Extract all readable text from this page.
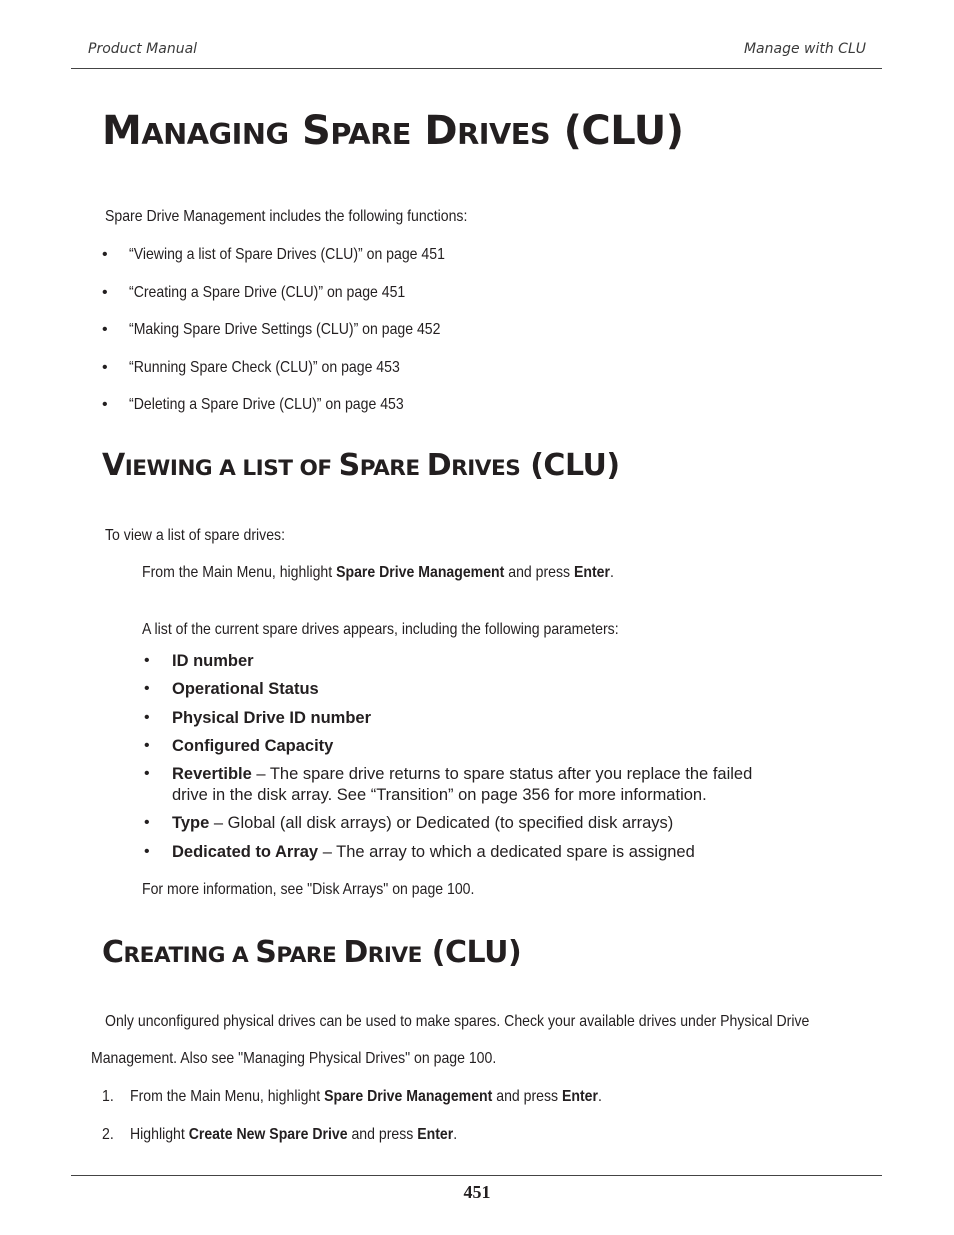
Product Manual	Manage with CLU
MANAGING SPARE DRIVES (CLU)
Spare Drive Management includes the following functions:
• “Viewing a list of Spare Drives (CLU)” on page 451
• “Creating a Spare Drive (CLU)” on page 451
• “Making Spare Drive Settings (CLU)” on page 452
• “Running Spare Check (CLU)” on page 453
• “Deleting a Spare Drive (CLU)” on page 453
VIEWING A LIST OF SPARE DRIVES (CLU)
To view a list of spare drives:
From the Main Menu, highlight Spare Drive Management and press Enter.
A list of the current spare drives appears, including the following parameters:
• ID number
• Operational Status
• Physical Drive ID number
• Configured Capacity
• Revertible – The spare drive returns to spare status after you replace the failed
drive in the disk array. See “Transition” on page 356 for more information.
• Type – Global (all disk arrays) or Dedicated (to specified disk arrays)
• Dedicated to Array – The array to which a dedicated spare is assigned
For more information, see "Disk Arrays" on page 100.
CREATING A SPARE DRIVE (CLU)
Only unconfigured physical drives can be used to make spares. Check your available drives under Physical Drive
Management. Also see "Managing Physical Drives" on page 100.
1. From the Main Menu, highlight Spare Drive Management and press Enter.
2. Highlight Create New Spare Drive and press Enter.
451
